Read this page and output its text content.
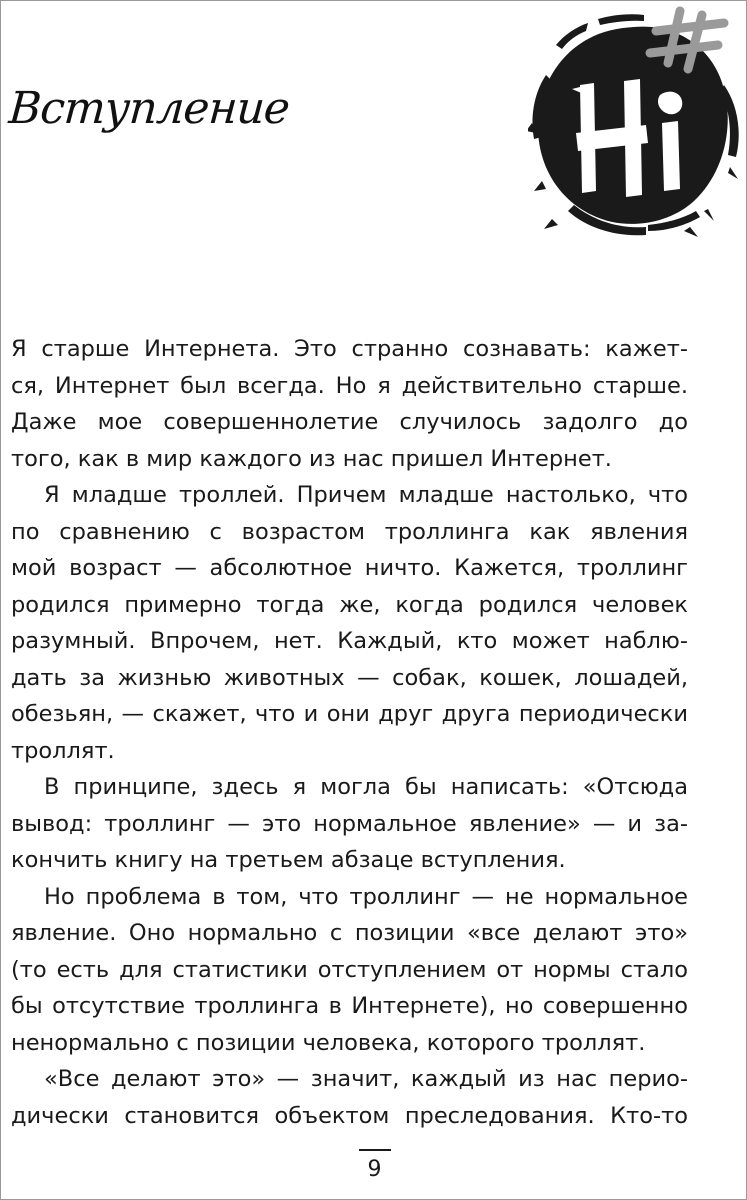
Вступление

Я старше Интернета. Это странно сознавать: кажет-
ся, Интернет был всегда. Но я действительно старше.
Даже мое совершеннолетие случилось задолго до
того, как в мир каждого из нас пришел Интернет.

Я младше троллей. Причем младше настолько, что
по сравнению с возрастом троллинга как явления
мой возраст — абсолютное ничто. Кажется, троллинг
родился примерно тогда же, когда родился человек
разумный. Впрочем, нет. Каждый, кто может наблю-
дать за жизнью животных — собак, кошек, лошадей,
обезьян, — скажет, что и они друг друга периодически
троллят.

В принципе, здесь я могла бы написать: «Отсюда
вывод: троллинг — это нормальное явление» — и за-
кончить книгу на третьем абзаце вступления.

Но проблема в том, что троллинг — не нормальное
явление. Оно нормально с позиции «все делают это»
(то есть для статистики отступлением от нормы стало
бы отсутствие троллинга в Интернете), но совершенно
ненормально с позиции человека, которого троллят.

«Все делают это» — значит, каждый из нас перио-
дически становится объектом преследования. Кто-то

9
